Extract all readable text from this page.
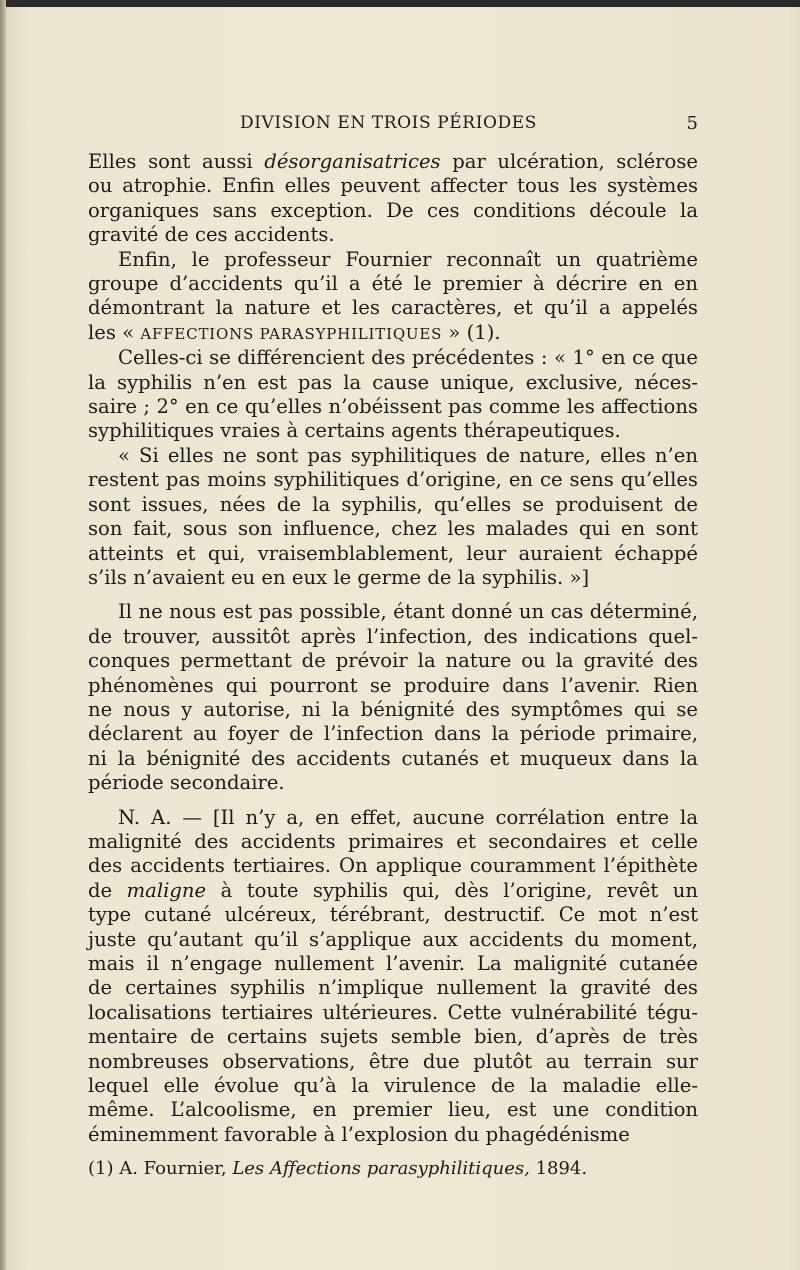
DIVISION EN TROIS PÉRIODES	5

Elles sont aussi désorganisatrices par ulcération, sclérose
ou atrophie. Enfin elles peuvent affecter tous les systèmes
organiques sans exception. De ces conditions découle la
gravité de ces accidents.

Enfin, le professeur Fournier reconnaît un quatrième
groupe d’accidents qu’il a été le premier à décrire en en
démontrant la nature et les caractères, et qu’il a appelés
les « AFFECTIONS PARASYPHILITIQUES » (1).

Celles-ci se différencient des précédentes : « 1° en ce que
la syphilis n’en est pas la cause unique, exclusive, néces-
saire ; 2° en ce qu’elles n’obéissent pas comme les affections
syphilitiques vraies à certains agents thérapeutiques.

« Si elles ne sont pas syphilitiques de nature, elles n’en
restent pas moins syphilitiques d’origine, en ce sens qu’elles
sont issues, nées de la syphilis, qu’elles se produisent de
son fait, sous son influence, chez les malades qui en sont
atteints et qui, vraisemblablement, leur auraient échappé
s’ils n’avaient eu en eux le germe de la syphilis. »]

Il ne nous est pas possible, étant donné un cas déterminé,
de trouver, aussitôt après l’infection, des indications quel-
conques permettant de prévoir la nature ou la gravité des
phénomènes qui pourront se produire dans l’avenir. Rien
ne nous y autorise, ni la bénignité des symptômes qui se
déclarent au foyer de l’infection dans la période primaire,
ni la bénignité des accidents cutanés et muqueux dans la
période secondaire.

N. A. — [Il n’y a, en effet, aucune corrélation entre la
malignité des accidents primaires et secondaires et celle
des accidents tertiaires. On applique couramment l’épithète
de maligne à toute syphilis qui, dès l’origine, revêt un
type cutané ulcéreux, térébrant, destructif. Ce mot n’est
juste qu’autant qu’il s’applique aux accidents du moment,
mais il n’engage nullement l’avenir. La malignité cutanée
de certaines syphilis n’implique nullement la gravité des
localisations tertiaires ultérieures. Cette vulnérabilité tégu-
mentaire de certains sujets semble bien, d’après de très
nombreuses observations, être due plutôt au terrain sur
lequel elle évolue qu’à la virulence de la maladie elle-
même. L’alcoolisme, en premier lieu, est une condition
éminemment favorable à l’explosion du phagédénisme

(1) A. Fournier, Les Affections parasyphilitiques, 1894.
